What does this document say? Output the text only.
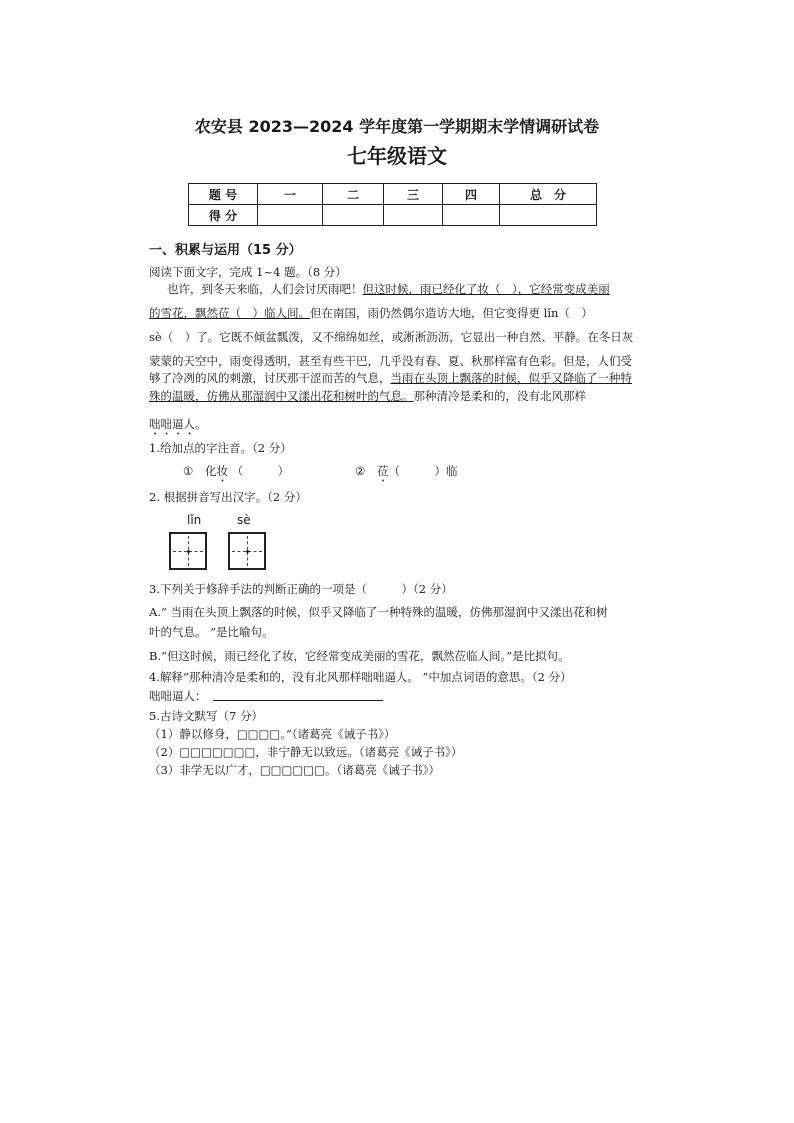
农安县 2023—2024 学年度第一学期期末学情调研试卷
七年级语文
题 号	一	二	三	四	总　分
得 分					
一、积累与运用（15 分）
阅读下面文字，完成 1~4 题。（8 分）
也许，到冬天来临，人们会讨厌雨吧！但这时候，雨已经化了妆（　），它经常变成美丽
的雪花，飘然莅（　）临人间。但在南国，雨仍然偶尔造访大地，但它变得更 lǐn（　）
sè（　）了。它既不倾盆瓢泼，又不绵绵如丝，或淅淅沥沥，它显出一种自然、平静。在冬日灰
蒙蒙的天空中，雨变得透明，甚至有些干巴，几乎没有春、夏、秋那样富有色彩。但是，人们受
够了冷冽的风的刺激，讨厌那干涩而苦的气息，当雨在头顶上飘落的时候，似乎又降临了一种特
殊的温暖，仿佛从那湿润中又漾出花和树叶的气息。那种清冷是柔和的，没有北风那样
咄咄逼人。
1.给加点的字注音。（2 分）
① 化妆 （　　　）	② 莅（　　　）临
2. 根据拼音写出汉字。（2 分）
lǐn	sè
3.下列关于修辞手法的判断正确的一项是（　　　）（2 分）
A.“ 当雨在头顶上飘落的时候，似乎又降临了一种特殊的温暖，仿佛那湿润中又漾出花和树
叶的气息。 ”是比喻句。
B.“但这时候，雨已经化了妆，它经常变成美丽的雪花，飘然莅临人间。”是比拟句。
4.解释“那种清冷是柔和的，没有北风那样咄咄逼人。 ”中加点词语的意思。（2 分）
咄咄逼人：
5.古诗文默写（7 分）
（1）静以修身，□□□□。”（诸葛亮《诫子书》）
（2）□□□□□□□，非宁静无以致远。（诸葛亮《诫子书》）
（3）非学无以广才，□□□□□□。（诸葛亮《诫子书》）
